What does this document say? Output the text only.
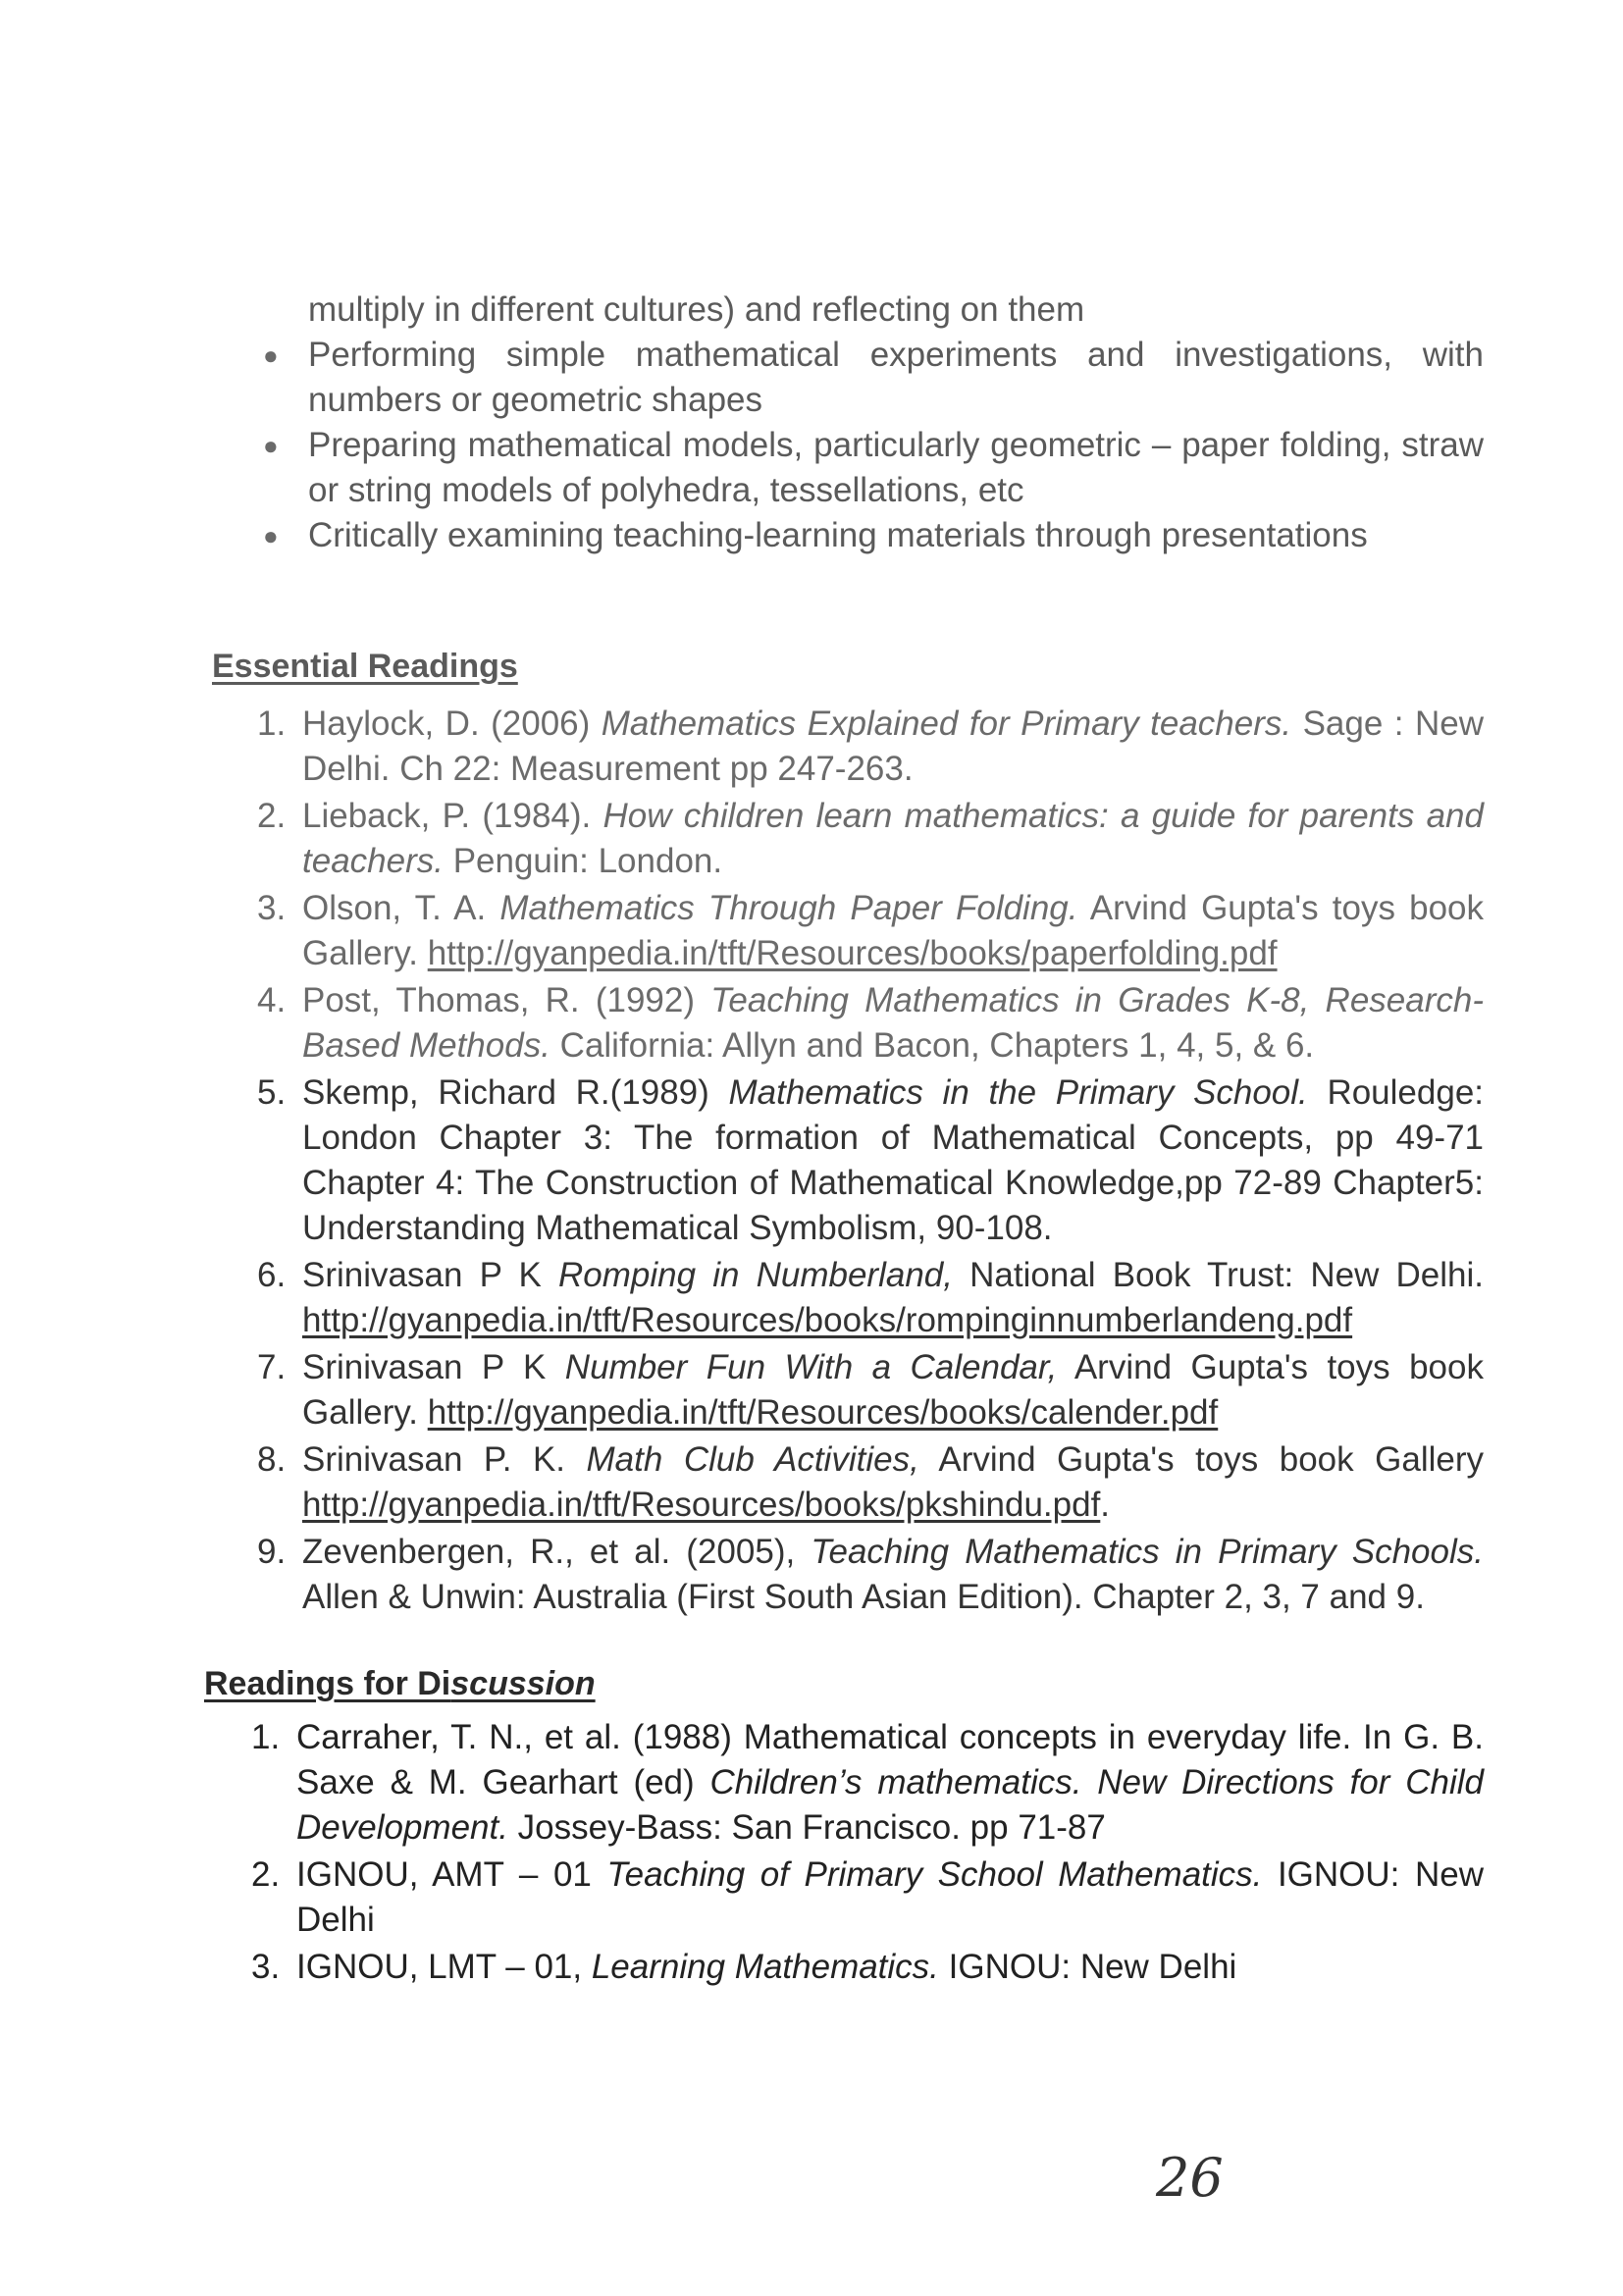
multiply in different cultures) and reflecting on them
● Performing simple mathematical experiments and investigations, with numbers or geometric shapes
● Preparing mathematical models, particularly geometric – paper folding, straw or string models of polyhedra, tessellations, etc
● Critically examining teaching-learning materials through presentations
Essential Readings
1. Haylock, D. (2006) Mathematics Explained for Primary teachers. Sage : New Delhi. Ch 22: Measurement pp 247-263.
2. Lieback, P. (1984). How children learn mathematics: a guide for parents and teachers. Penguin: London.
3. Olson, T. A. Mathematics Through Paper Folding. Arvind Gupta's toys book Gallery. http://gyanpedia.in/tft/Resources/books/paperfolding.pdf
4. Post, Thomas, R. (1992) Teaching Mathematics in Grades K-8, Research-Based Methods. California: Allyn and Bacon, Chapters 1, 4, 5, & 6.
5. Skemp, Richard R.(1989) Mathematics in the Primary School. Rouledge: London Chapter 3: The formation of Mathematical Concepts, pp 49-71 Chapter 4: The Construction of Mathematical Knowledge,pp 72-89 Chapter5: Understanding Mathematical Symbolism, 90-108.
6. Srinivasan P K Romping in Numberland, National Book Trust: New Delhi. http://gyanpedia.in/tft/Resources/books/rompinginnumberlandeng.pdf
7. Srinivasan P K Number Fun With a Calendar, Arvind Gupta's toys book Gallery. http://gyanpedia.in/tft/Resources/books/calender.pdf
8. Srinivasan P. K. Math Club Activities, Arvind Gupta's toys book Gallery http://gyanpedia.in/tft/Resources/books/pkshindu.pdf.
9. Zevenbergen, R., et al. (2005), Teaching Mathematics in Primary Schools. Allen & Unwin: Australia (First South Asian Edition). Chapter 2, 3, 7 and 9.
Readings for Discussion
1. Carraher, T. N., et al. (1988) Mathematical concepts in everyday life. In G. B. Saxe & M. Gearhart (ed) Children’s mathematics. New Directions for Child Development. Jossey-Bass: San Francisco. pp 71-87
2. IGNOU, AMT – 01 Teaching of Primary School Mathematics. IGNOU: New Delhi
3. IGNOU, LMT – 01, Learning Mathematics. IGNOU: New Delhi
26
